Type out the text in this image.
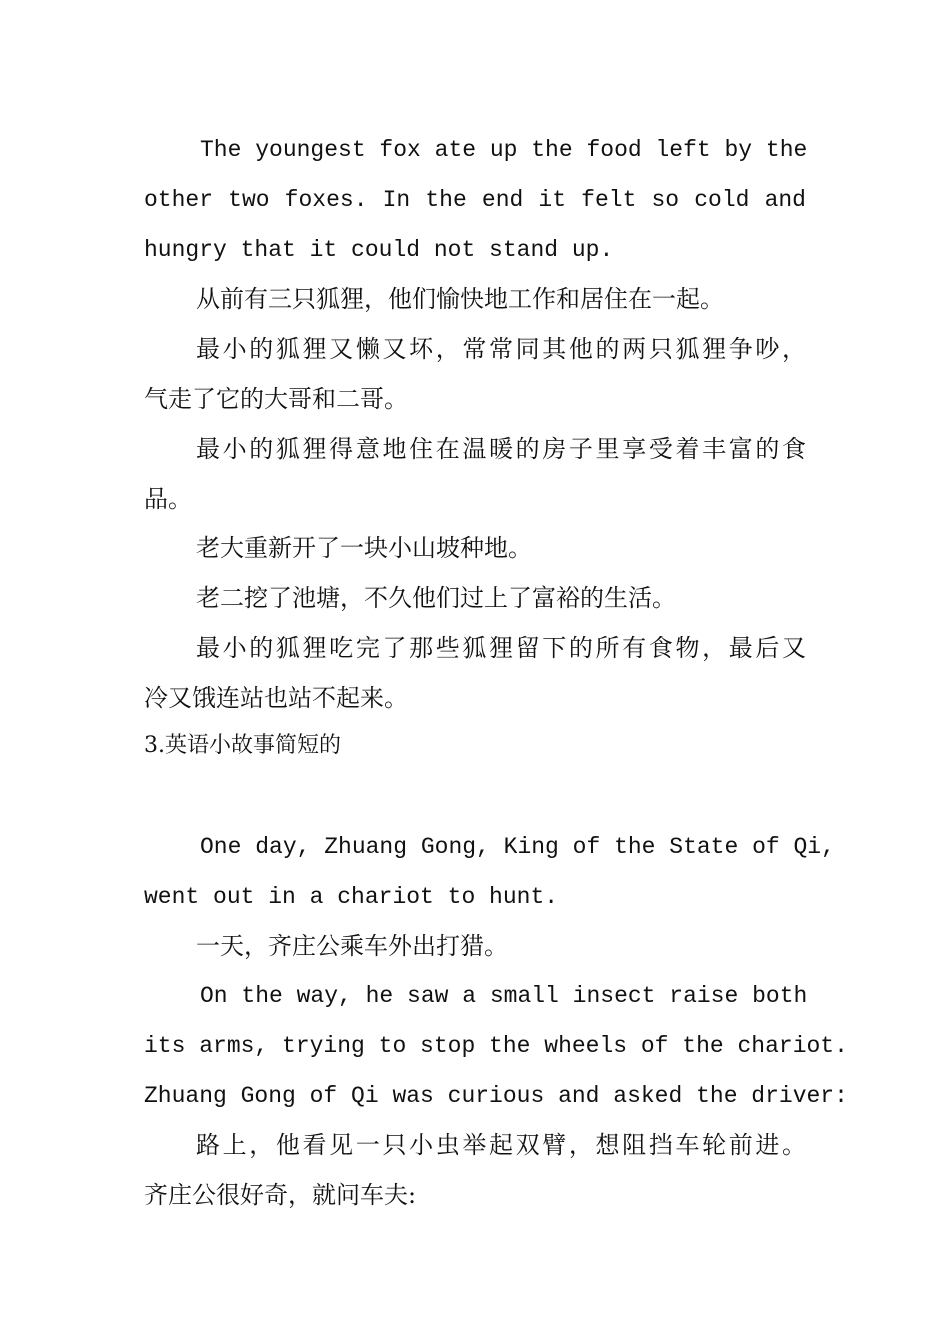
The youngest fox ate up the food left by the
other two foxes. In the end it felt so cold and
hungry that it could not stand up.
从前有三只狐狸，他们愉快地工作和居住在一起。
最小的狐狸又懒又坏，常常同其他的两只狐狸争吵，
气走了它的大哥和二哥。
最小的狐狸得意地住在温暖的房子里享受着丰富的食
品。
老大重新开了一块小山坡种地。
老二挖了池塘，不久他们过上了富裕的生活。
最小的狐狸吃完了那些狐狸留下的所有食物，最后又
冷又饿连站也站不起来。
3.英语小故事简短的
One day, Zhuang Gong, King of the State of Qi,
went out in a chariot to hunt.
一天，齐庄公乘车外出打猎。
On the way, he saw a small insect raise both
its arms, trying to stop the wheels of the chariot.
Zhuang Gong of Qi was curious and asked the driver:
路上，他看见一只小虫举起双臂，想阻挡车轮前进。
齐庄公很好奇，就问车夫:
